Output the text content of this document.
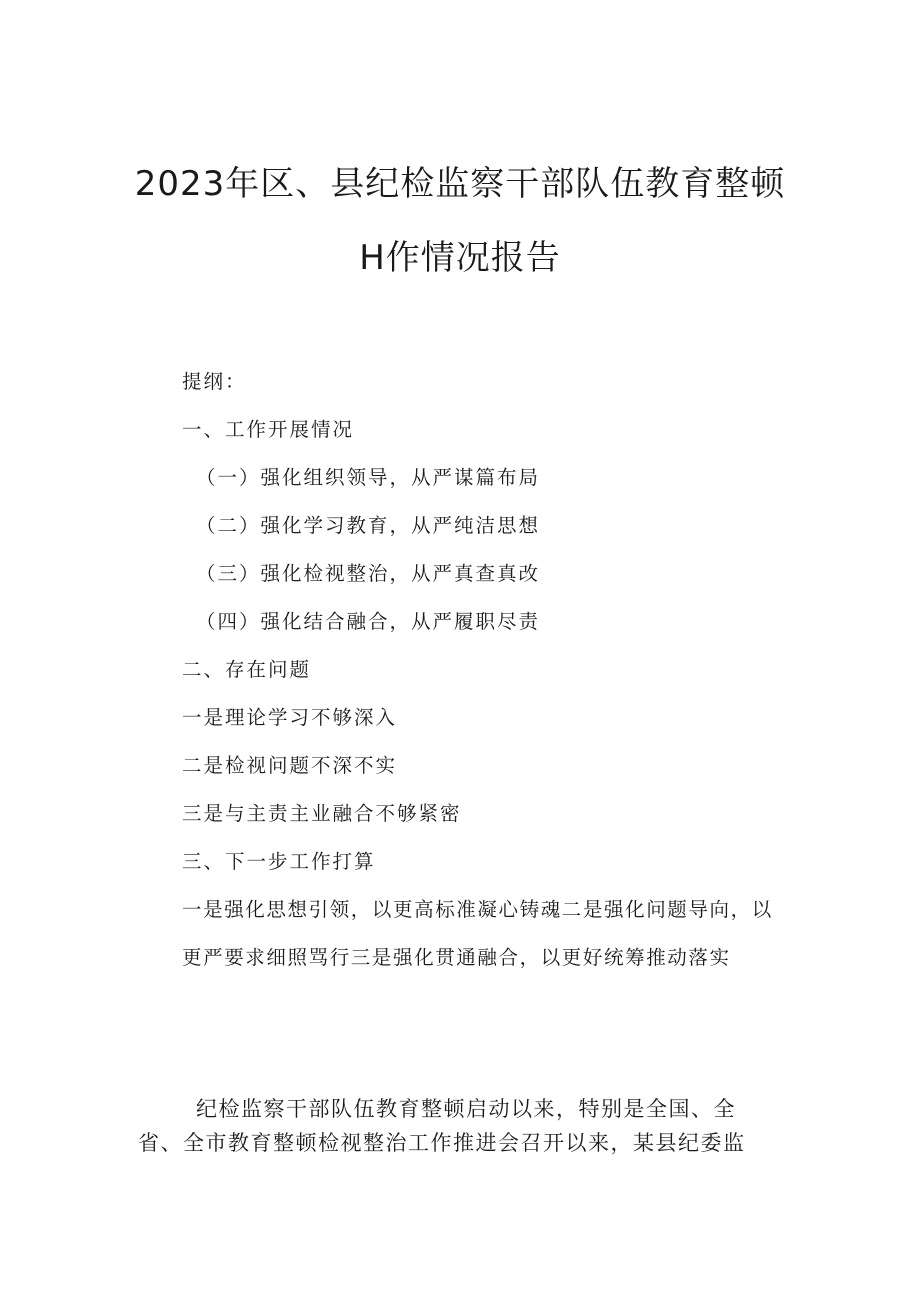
2023年区、县纪检监察干部队伍教育整顿
H作情况报告

提纲：

一、工作开展情况

（一）强化组织领导，从严谋篇布局

（二）强化学习教育，从严纯洁思想

（三）强化检视整治，从严真查真改

（四）强化结合融合，从严履职尽责

二、存在问题

一是理论学习不够深入

二是检视问题不深不实

三是与主责主业融合不够紧密

三、下一步工作打算

一是强化思想引领，以更高标准凝心铸魂二是强化问题导向，以

更严要求细照骂行三是强化贯通融合，以更好统筹推动落实

纪检监察干部队伍教育整顿启动以来，特别是全国、全

省、全市教育整顿检视整治工作推进会召开以来，某县纪委监
